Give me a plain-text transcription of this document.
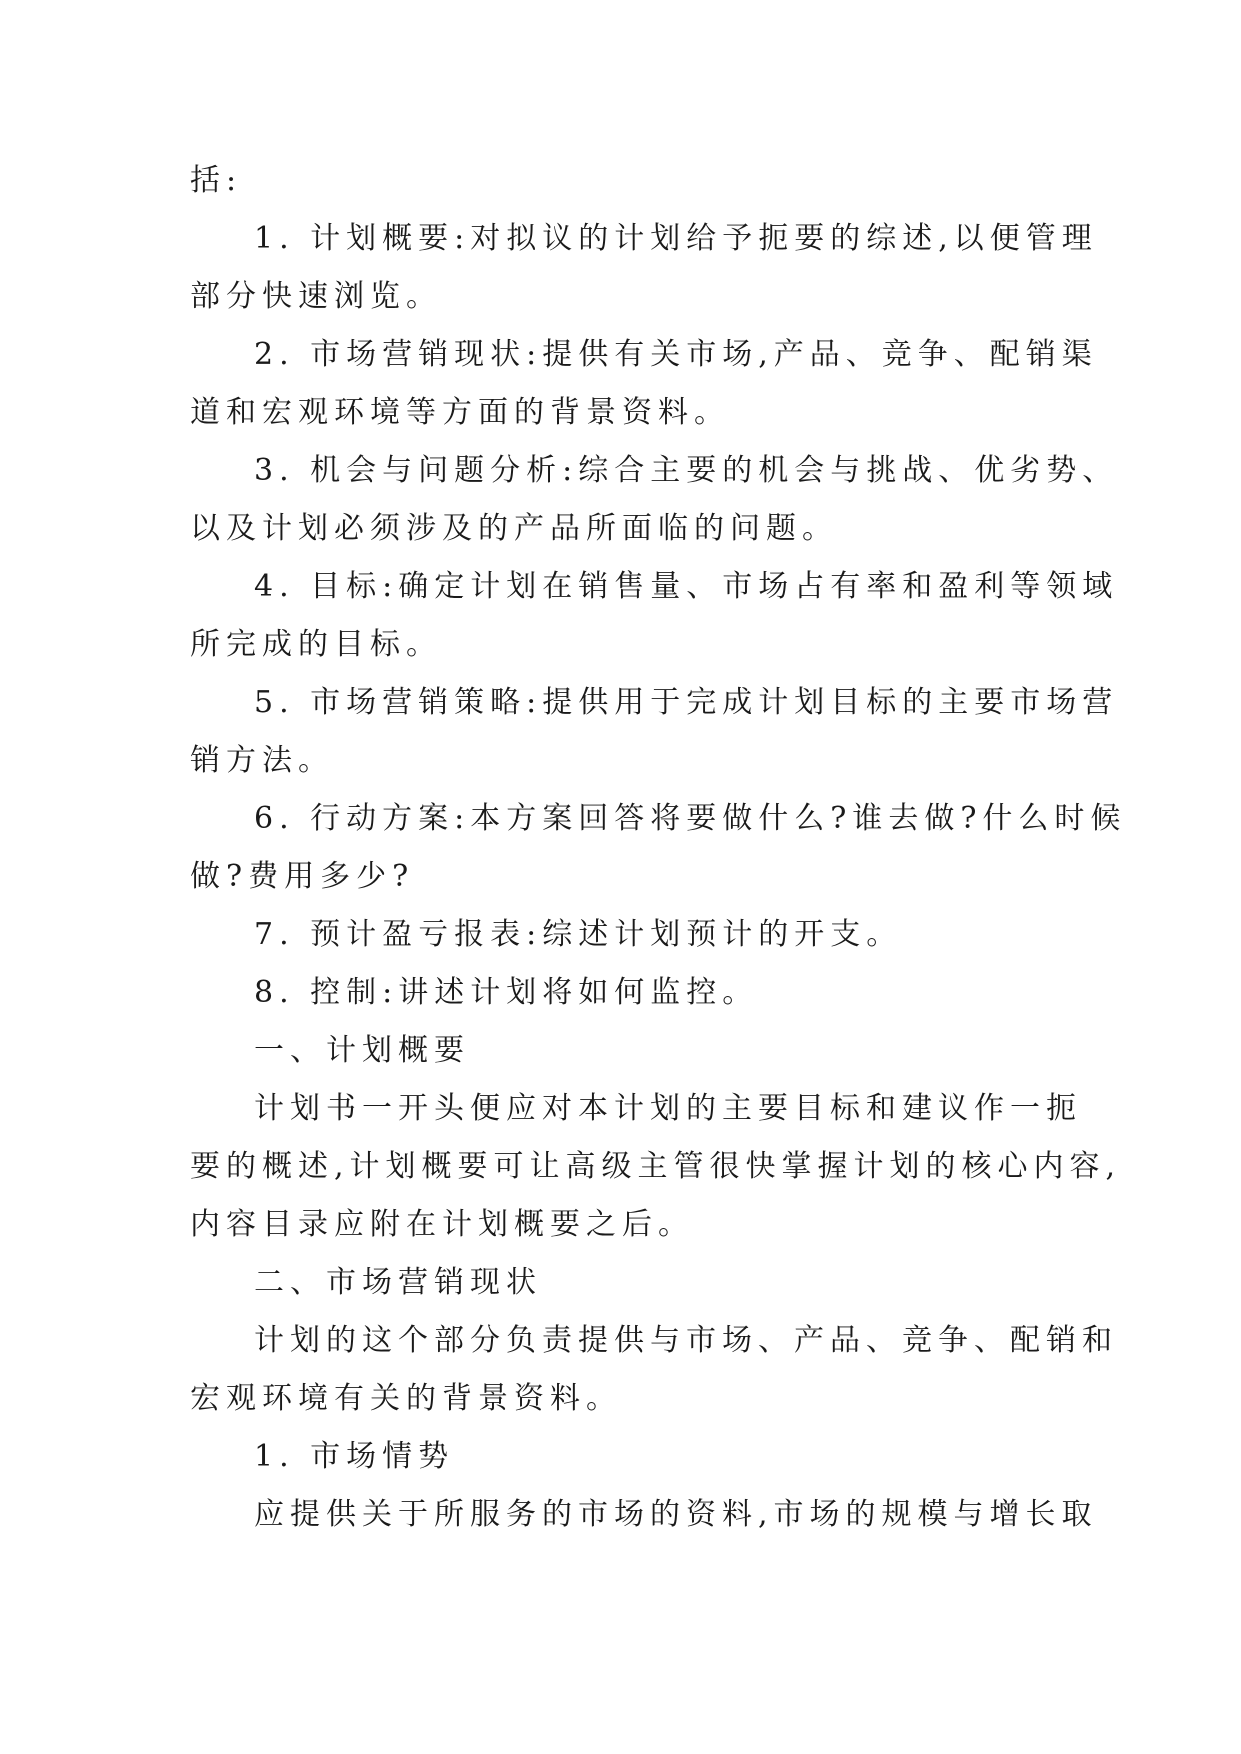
括:
1. 计划概要:对拟议的计划给予扼要的综述,以便管理
部分快速浏览。
2. 市场营销现状:提供有关市场,产品、竞争、配销渠
道和宏观环境等方面的背景资料。
3. 机会与问题分析:综合主要的机会与挑战、优劣势、
以及计划必须涉及的产品所面临的问题。
4. 目标:确定计划在销售量、市场占有率和盈利等领域
所完成的目标。
5. 市场营销策略:提供用于完成计划目标的主要市场营
销方法。
6. 行动方案:本方案回答将要做什么?谁去做?什么时候
做?费用多少?
7. 预计盈亏报表:综述计划预计的开支。
8. 控制:讲述计划将如何监控。
一、计划概要
计划书一开头便应对本计划的主要目标和建议作一扼
要的概述,计划概要可让高级主管很快掌握计划的核心内容,
内容目录应附在计划概要之后。
二、市场营销现状
计划的这个部分负责提供与市场、产品、竞争、配销和
宏观环境有关的背景资料。
1. 市场情势
应提供关于所服务的市场的资料,市场的规模与增长取
